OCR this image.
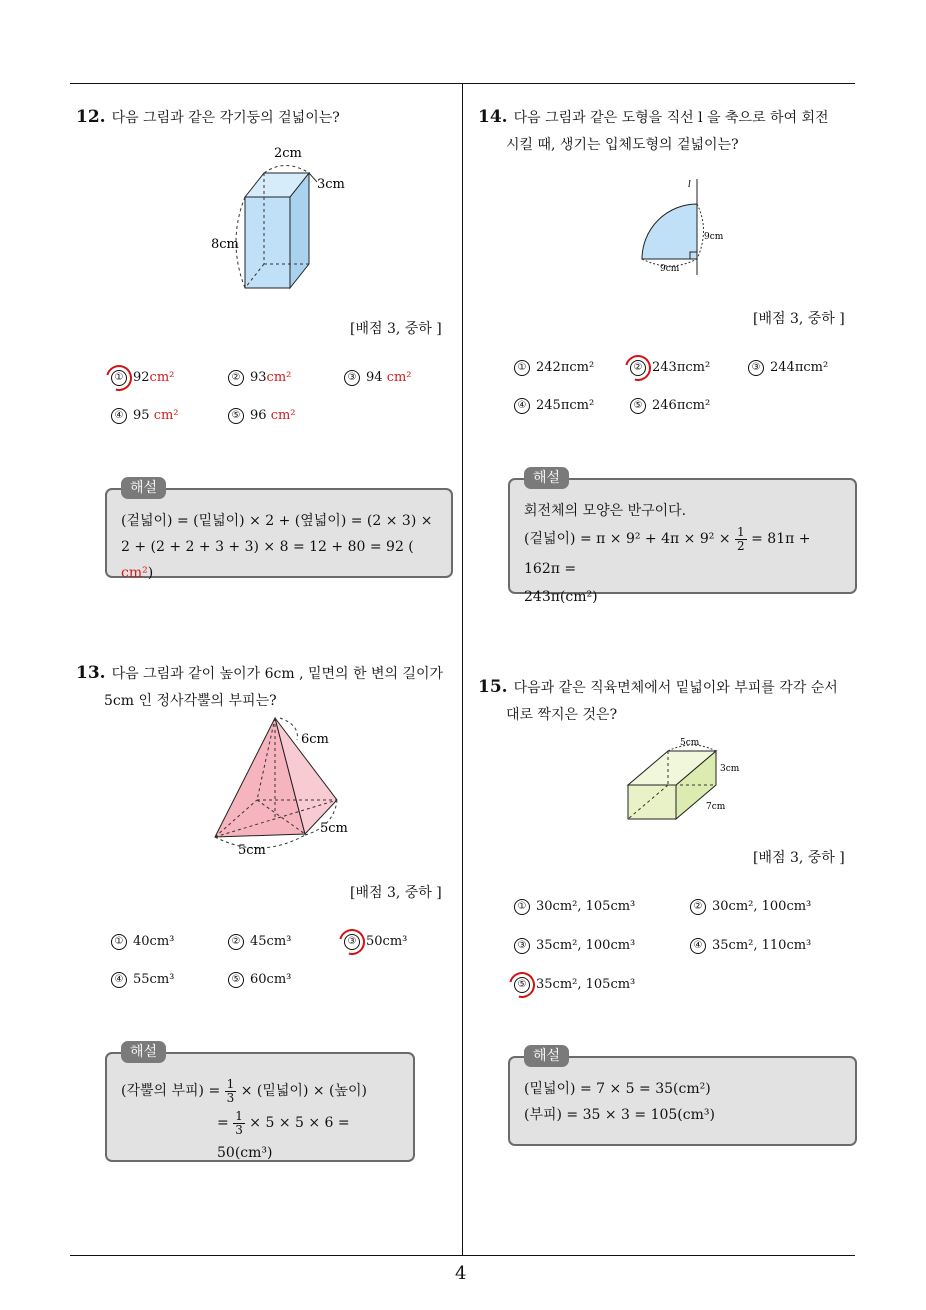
4
12. 다음 그림과 같은 각기둥의 겉넓이는?
2cm
3cm
8cm
[배점 3, 중하 ]
① 92cm²	② 93cm²	③ 94 cm²
④ 95 cm²	⑤ 96 cm²
해설
(겉넓이) = (밑넓이) × 2 + (옆넓이) = (2 × 3) ×
2 + (2 + 2 + 3 + 3) × 8 = 12 + 80 = 92 ( cm²)
13. 다음 그림과 같이 높이가 6cm , 밑면의 한 변의 길이가
5cm 인 정사각뿔의 부피는?
6cm
5cm
5cm
[배점 3, 중하 ]
① 40cm³	② 45cm³	③ 50cm³
④ 55cm³	⑤ 60cm³
해설
(각뿔의 부피) = $\frac{1}{3}$ × (밑넓이) × (높이)
= $\frac{1}{3} \times 5 \times 5 \times 6 = 50(cm^3)$
14. 다음 그림과 같은 도형을 직선 l 을 축으로 하여 회전
시킬 때, 생기는 입체도형의 겉넓이는?
l
9cm
9cm
[배점 3, 중하 ]
① 242πcm²	② 243πcm²	③ 244πcm²
④ 245πcm²	⑤ 246πcm²
해설
회전체의 모양은 반구이다.
(겉넓이) = $\pi \times 9^2 + 4\pi \times 9^2 \times \frac{1}{2} = 81\pi + 162\pi$ =
243π(cm²)
15. 다음과 같은 직육면체에서 밑넓이와 부피를 각각 순서
대로 짝지은 것은?
5cm
3cm
7cm
[배점 3, 중하 ]
① 30cm², 105cm³	② 30cm², 100cm³
③ 35cm², 100cm³	④ 35cm², 110cm³
⑤ 35cm², 105cm³
해설
(밑넓이) = 7 × 5 = 35(cm²)
(부피) = 35 × 3 = 105(cm³)
